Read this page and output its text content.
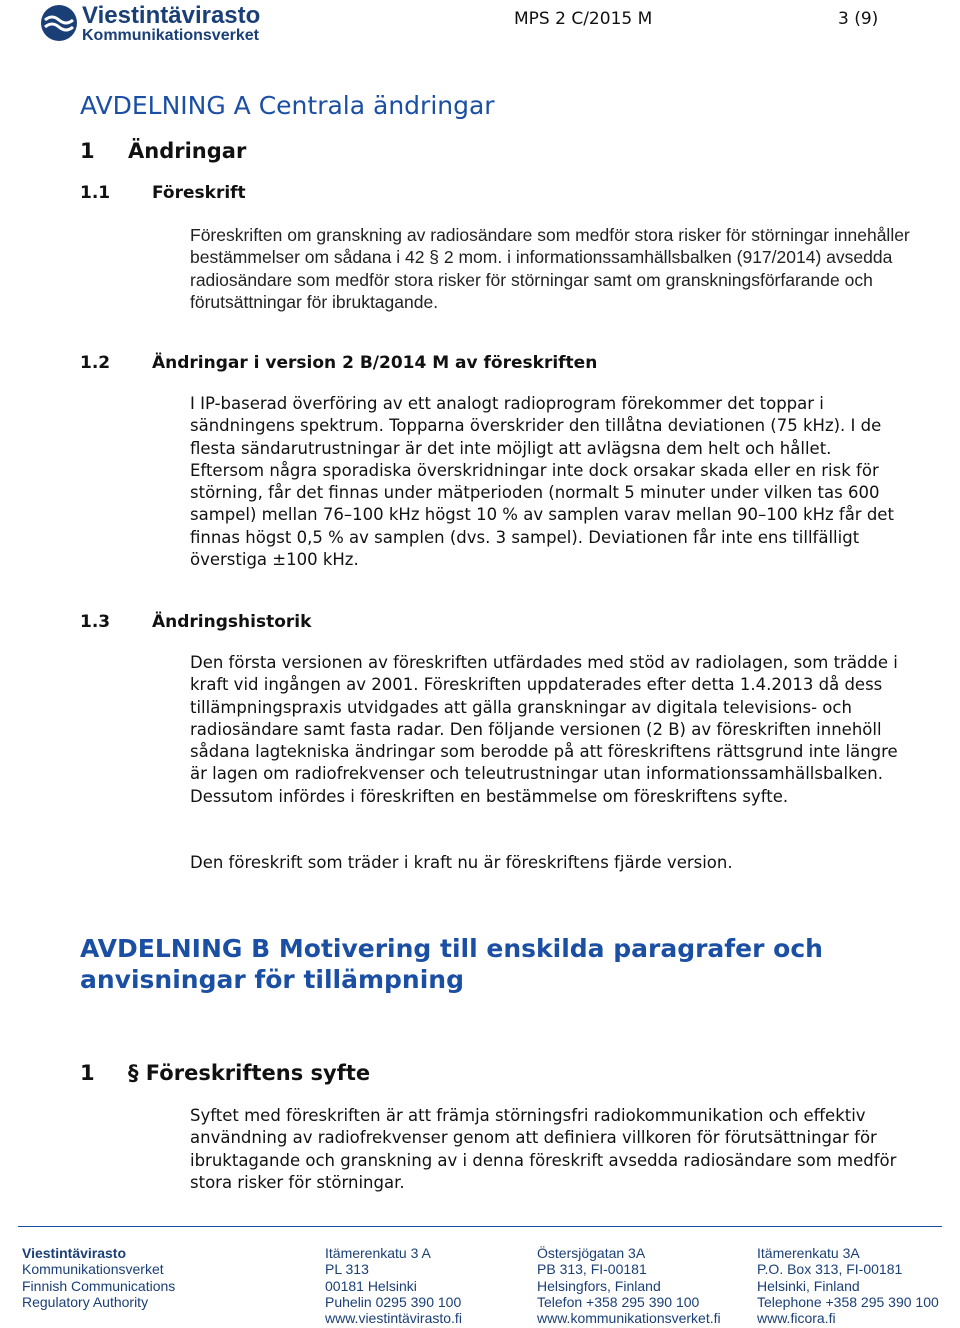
Viestintävirasto
Kommunikationsverket
MPS 2 C/2015 M	3 (9)
AVDELNING A Centrala ändringar
1 Ändringar
1.1 Föreskrift
Föreskriften om granskning av radiosändare som medför stora risker för störningar innehåller bestämmelser om sådana i 42 § 2 mom. i informationssamhällsbalken (917/2014) avsedda radiosändare som medför stora risker för störningar samt om granskningsförfarande och förutsättningar för ibruktagande.
1.2 Ändringar i version 2 B/2014 M av föreskriften
I IP-baserad överföring av ett analogt radioprogram förekommer det toppar i sändningens spektrum. Topparna överskrider den tillåtna deviationen (75 kHz). I de flesta sändarutrustningar är det inte möjligt att avlägsna dem helt och hållet. Eftersom några sporadiska överskridningar inte dock orsakar skada eller en risk för störning, får det finnas under mätperioden (normalt 5 minuter under vilken tas 600 sampel) mellan 76–100 kHz högst 10 % av samplen varav mellan 90–100 kHz får det finnas högst 0,5 % av samplen (dvs. 3 sampel). Deviationen får inte ens tillfälligt överstiga ±100 kHz.
1.3 Ändringshistorik
Den första versionen av föreskriften utfärdades med stöd av radiolagen, som trädde i kraft vid ingången av 2001. Föreskriften uppdaterades efter detta 1.4.2013 då dess tillämpningspraxis utvidgades att gälla granskningar av digitala televisions- och radiosändare samt fasta radar. Den följande versionen (2 B) av föreskriften innehöll sådana lagtekniska ändringar som berodde på att föreskriftens rättsgrund inte längre är lagen om radiofrekvenser och teleutrustningar utan informationssamhällsbalken. Dessutom infördes i föreskriften en bestämmelse om föreskriftens syfte.
Den föreskrift som träder i kraft nu är föreskriftens fjärde version.
AVDELNING B Motivering till enskilda paragrafer och
anvisningar för tillämpning
1 § Föreskriftens syfte
Syftet med föreskriften är att främja störningsfri radiokommunikation och effektiv användning av radiofrekvenser genom att definiera villkoren för förutsättningar för ibruktagande och granskning av i denna föreskrift avsedda radiosändare som medför stora risker för störningar.
Viestintävirasto
Kommunikationsverket
Finnish Communications
Regulatory Authority
Itämerenkatu 3 A
PL 313
00181 Helsinki
Puhelin 0295 390 100
www.viestintävirasto.fi
Östersjögatan 3A
PB 313, FI-00181
Helsingfors, Finland
Telefon +358 295 390 100
www.kommunikationsverket.fi
Itämerenkatu 3A
P.O. Box 313, FI-00181
Helsinki, Finland
Telephone +358 295 390 100
www.ficora.fi
